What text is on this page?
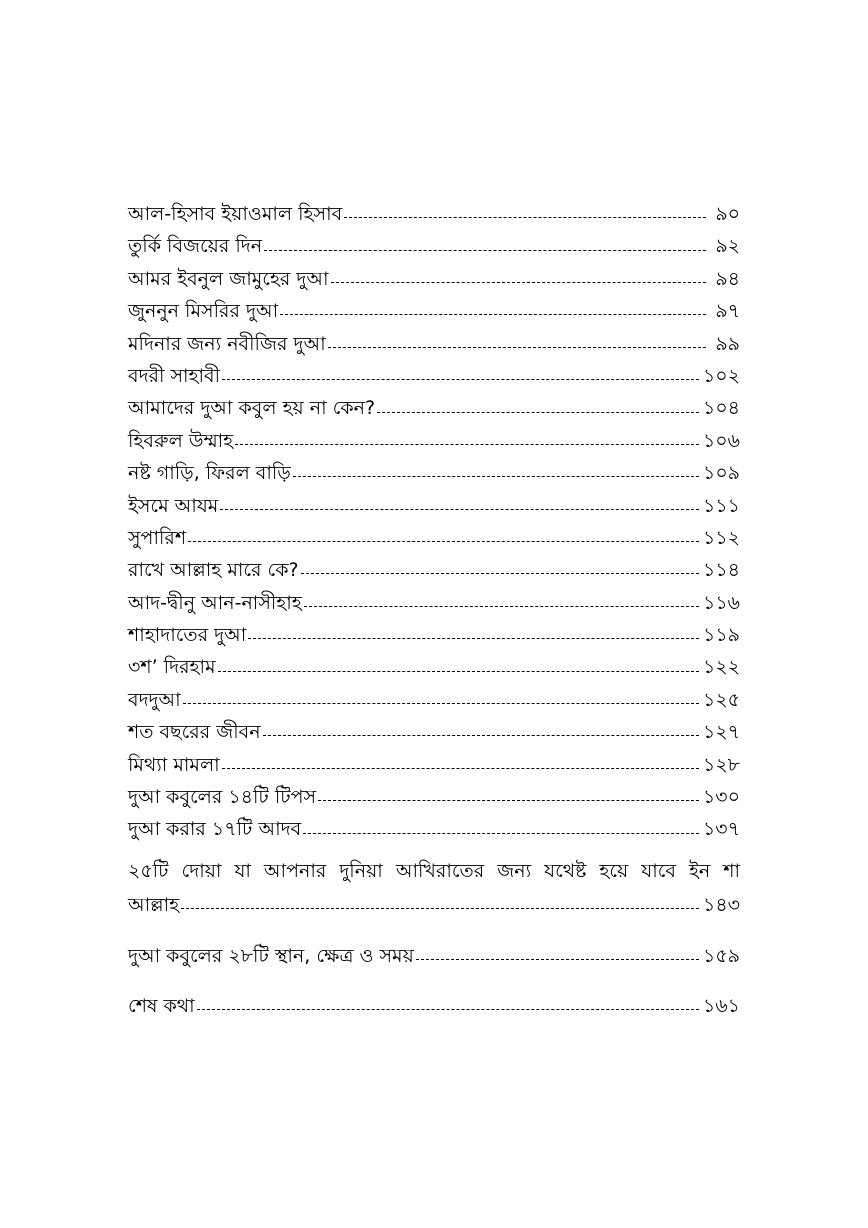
আল-হিসাব ইয়াওমাল হিসাব	৯০
তুর্কি বিজয়ের দিন	৯২
আমর ইবনুল জামুহের দুআ	৯৪
জুননুন মিসরির দুআ	৯৭
মদিনার জন্য নবীজির দুআ	৯৯
বদরী সাহাবী	১০২
আমাদের দুআ কবুল হয় না কেন?	১০৪
হিবরুল উম্মাহ	১০৬
নষ্ট গাড়ি, ফিরল বাড়ি	১০৯
ইসমে আযম	১১১
সুপারিশ	১১২
রাখে আল্লাহ মারে কে?	১১৪
আদ-দ্বীনু আন-নাসীহাহ	১১৬
শাহাদাতের দুআ	১১৯
৩শ’ দিরহাম	১২২
বদদুআ	১২৫
শত বছরের জীবন	১২৭
মিথ্যা মামলা	১২৮
দুআ কবুলের ১৪টি টিপস	১৩০
দুআ করার ১৭টি আদব	১৩৭
২৫টি দোয়া যা আপনার দুনিয়া আখিরাতের জন্য যথেষ্ট হয়ে যাবে ইন শা
আল্লাহ	১৪৩
দুআ কবুলের ২৮টি স্থান, ক্ষেত্র ও সময়	১৫৯
শেষ কথা	১৬১
